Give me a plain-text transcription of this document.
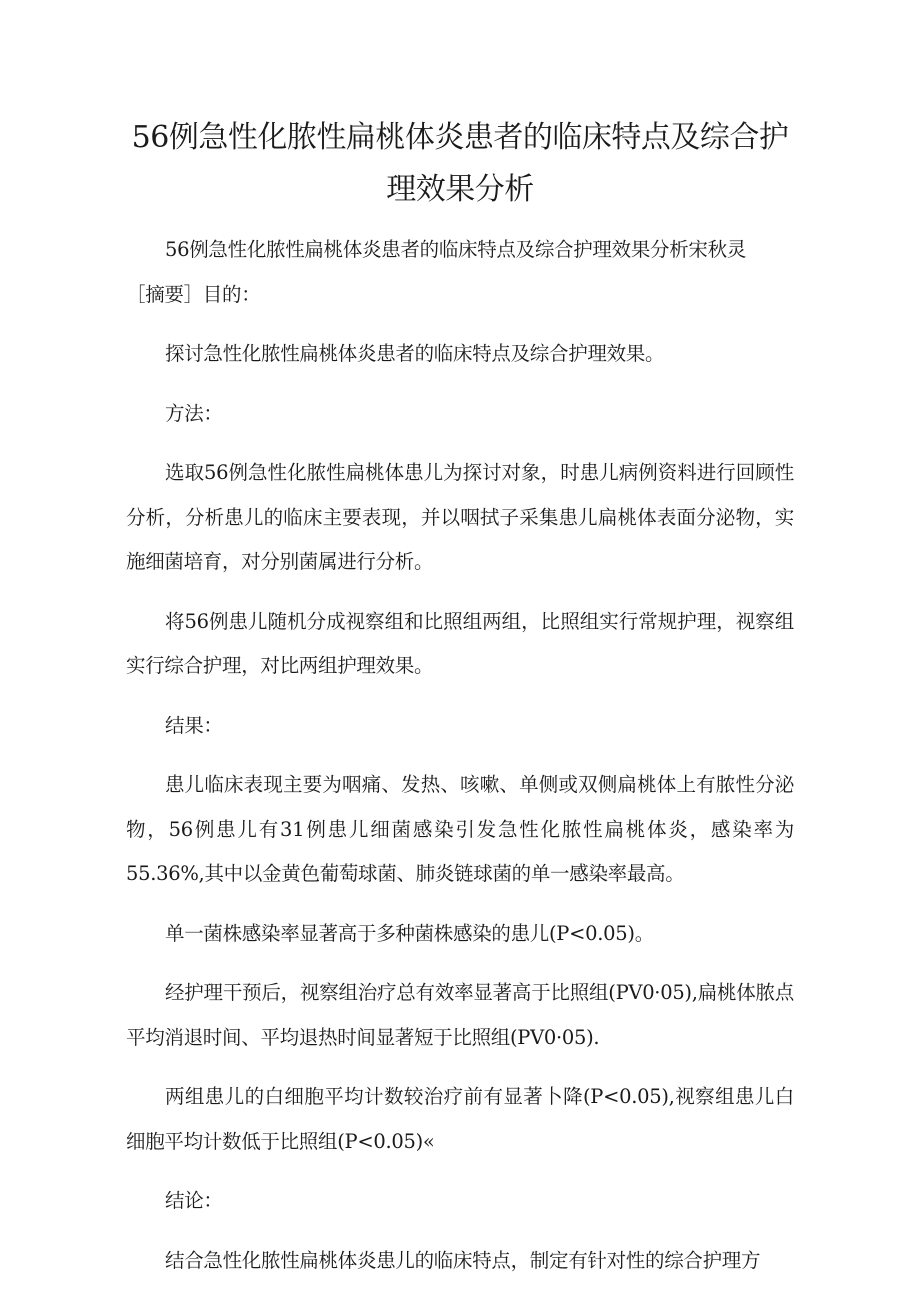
56例急性化脓性扁桃体炎患者的临床特点及综合护理效果分析

56例急性化脓性扁桃体炎患者的临床特点及综合护理效果分析宋秋灵

［摘要］目的：

探讨急性化脓性扁桃体炎患者的临床特点及综合护理效果。

方法：

选取56例急性化脓性扁桃体患儿为探讨对象，时患儿病例资料进行回顾性分析，分析患儿的临床主要表现，并以咽拭子采集患儿扁桃体表面分泌物，实施细菌培育，对分别菌属进行分析。

将56例患儿随机分成视察组和比照组两组，比照组实行常规护理，视察组实行综合护理，对比两组护理效果。

结果：

患儿临床表现主要为咽痛、发热、咳嗽、单侧或双侧扁桃体上有脓性分泌物，56例患儿有31例患儿细菌感染引发急性化脓性扁桃体炎，感染率为55.36%,其中以金黄色葡萄球菌、肺炎链球菌的单一感染率最高。

单一菌株感染率显著高于多种菌株感染的患儿(P<0.05)。

经护理干预后，视察组治疗总有效率显著高于比照组(PV0·05),扁桃体脓点平均消退时间、平均退热时间显著短于比照组(PV0·05).

两组患儿的白细胞平均计数较治疗前有显著卜降(P<0.05),视察组患儿白细胞平均计数低于比照组(P<0.05)«

结论：

结合急性化脓性扁桃体炎患儿的临床特点，制定有针对性的综合护理方
